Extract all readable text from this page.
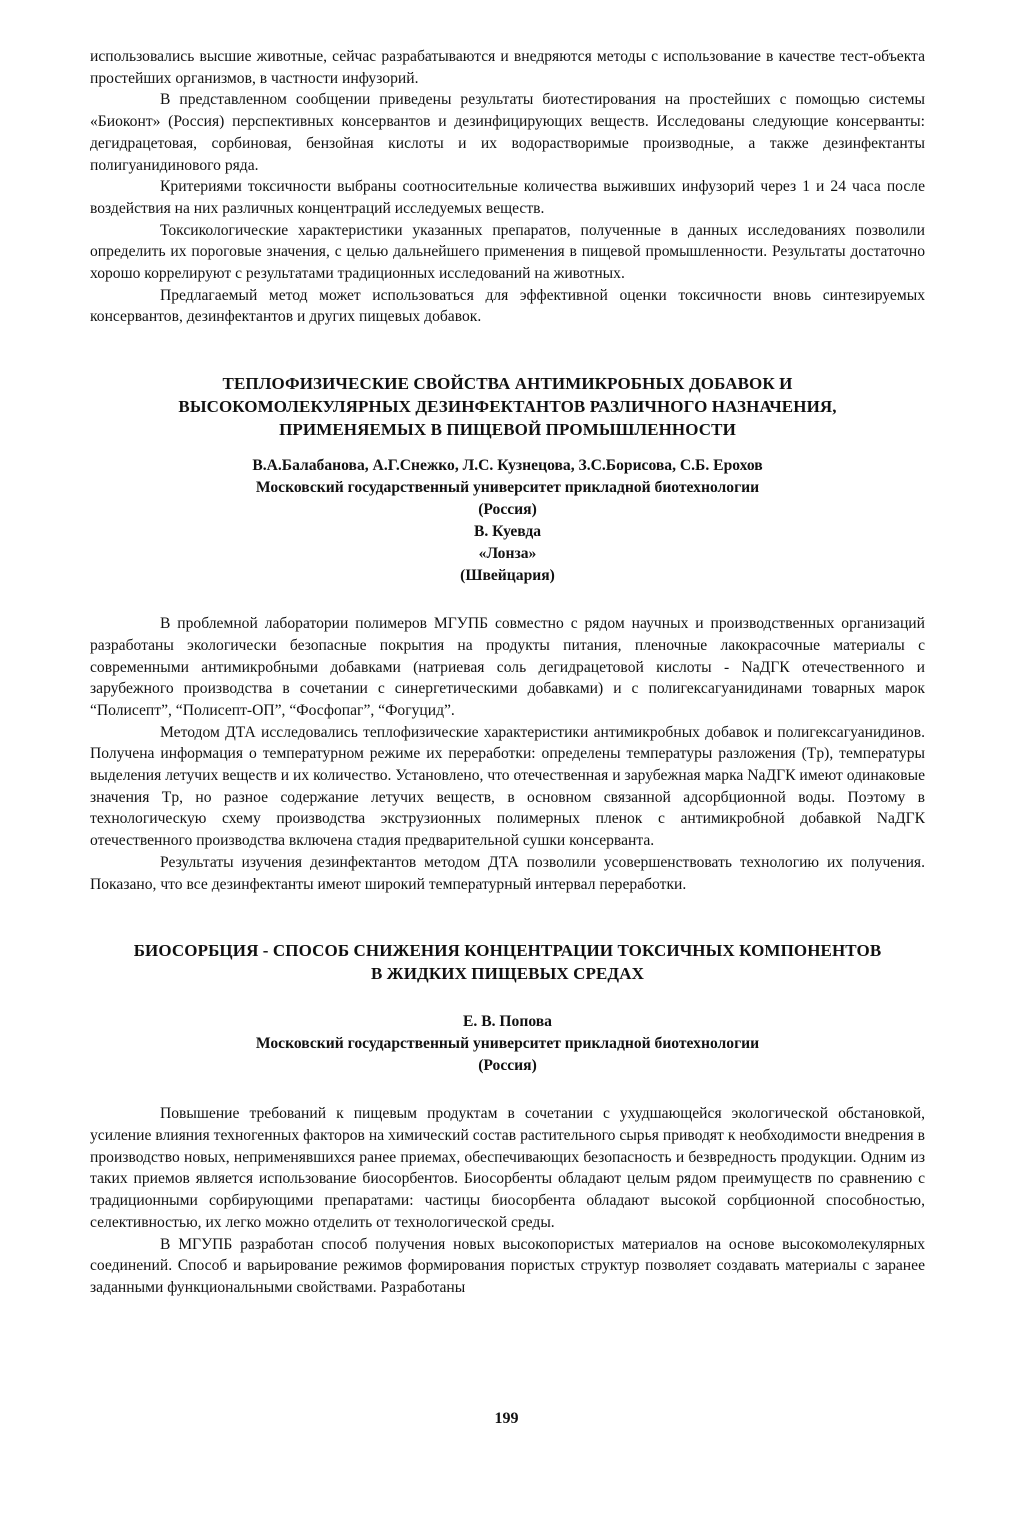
использовались высшие животные, сейчас разрабатываются и внедряются методы с использование в качестве тест-объекта простейших организмов, в частности инфузорий.

В представленном сообщении приведены результаты биотестирования на простейших с помощью системы «Биоконт» (Россия) перспективных консервантов и дезинфицирующих веществ. Исследованы следующие консерванты: дегидрацетовая, сорбиновая, бензойная кислоты и их водорастворимые производные, а также дезинфектанты полигуанидинового ряда.

Критериями токсичности выбраны соотносительные количества выживших инфузорий через 1 и 24 часа после воздействия на них различных концентраций исследуемых веществ.

Токсикологические характеристики указанных препаратов, полученные в данных исследованиях позволили определить их пороговые значения, с целью дальнейшего применения в пищевой промышленности. Результаты достаточно хорошо коррелируют с результатами традиционных исследований на животных.

Предлагаемый метод может использоваться для эффективной оценки токсичности вновь синтезируемых консервантов, дезинфектантов и других пищевых добавок.

ТЕПЛОФИЗИЧЕСКИЕ СВОЙСТВА АНТИМИКРОБНЫХ ДОБАВОК И
ВЫСОКОМОЛЕКУЛЯРНЫХ ДЕЗИНФЕКТАНТОВ РАЗЛИЧНОГО НАЗНАЧЕНИЯ,
ПРИМЕНЯЕМЫХ В ПИЩЕВОЙ ПРОМЫШЛЕННОСТИ
В.А.Балабанова, А.Г.Снежко, Л.С. Кузнецова, З.С.Борисова, С.Б. Ерохов
Московский государственный университет прикладной биотехнологии
(Россия)
В. Куевда
«Лонза»
(Швейцария)

В проблемной лаборатории полимеров МГУПБ совместно с рядом научных и производственных организаций разработаны экологически безопасные покрытия на продукты питания, пленочные лакокрасочные материалы с современными антимикробными добавками (натриевая соль дегидрацетовой кислоты - NaДГК отечественного и зарубежного производства в сочетании с синергетическими добавками) и с полигексагуанидинами товарных марок “Полисепт”, “Полисепт-ОП”, “Фосфопаг”, “Фогуцид”.

Методом ДТА исследовались теплофизические характеристики антимикробных добавок и полигексагуанидинов. Получена информация о температурном режиме их переработки: определены температуры разложения (Tр), температуры выделения летучих веществ и их количество. Установлено, что отечественная и зарубежная марка NaДГК имеют одинаковые значения Tр, но разное содержание летучих веществ, в основном связанной адсорбционной воды. Поэтому в технологическую схему производства экструзионных полимерных пленок с антимикробной добавкой NaДГК отечественного производства включена стадия предварительной сушки консерванта.

Результаты изучения дезинфектантов методом ДТА позволили усовершенствовать технологию их получения. Показано, что все дезинфектанты имеют широкий температурный интервал переработки.

БИОСОРБЦИЯ - СПОСОБ СНИЖЕНИЯ КОНЦЕНТРАЦИИ ТОКСИЧНЫХ КОМПОНЕНТОВ
В ЖИДКИХ ПИЩЕВЫХ СРЕДАХ
Е. В. Попова
Московский государственный университет прикладной биотехнологии
(Россия)

Повышение требований к пищевым продуктам в сочетании с ухудшающейся экологической обстановкой, усиление влияния техногенных факторов на химический состав растительного сырья приводят к необходимости внедрения в производство новых, неприменявшихся ранее приемах, обеспечивающих безопасность и безвредность продукции. Одним из таких приемов является использование биосорбентов. Биосорбенты обладают целым рядом преимуществ по сравнению с традиционными сорбирующими препаратами: частицы биосорбента обладают высокой сорбционной способностью, селективностью, их легко можно отделить от технологической среды.

В МГУПБ разработан способ получения новых высокопористых материалов на основе высокомолекулярных соединений. Способ и варьирование режимов формирования пористых структур позволяет создавать материалы с заранее заданными функциональными свойствами. Разработаны

199
